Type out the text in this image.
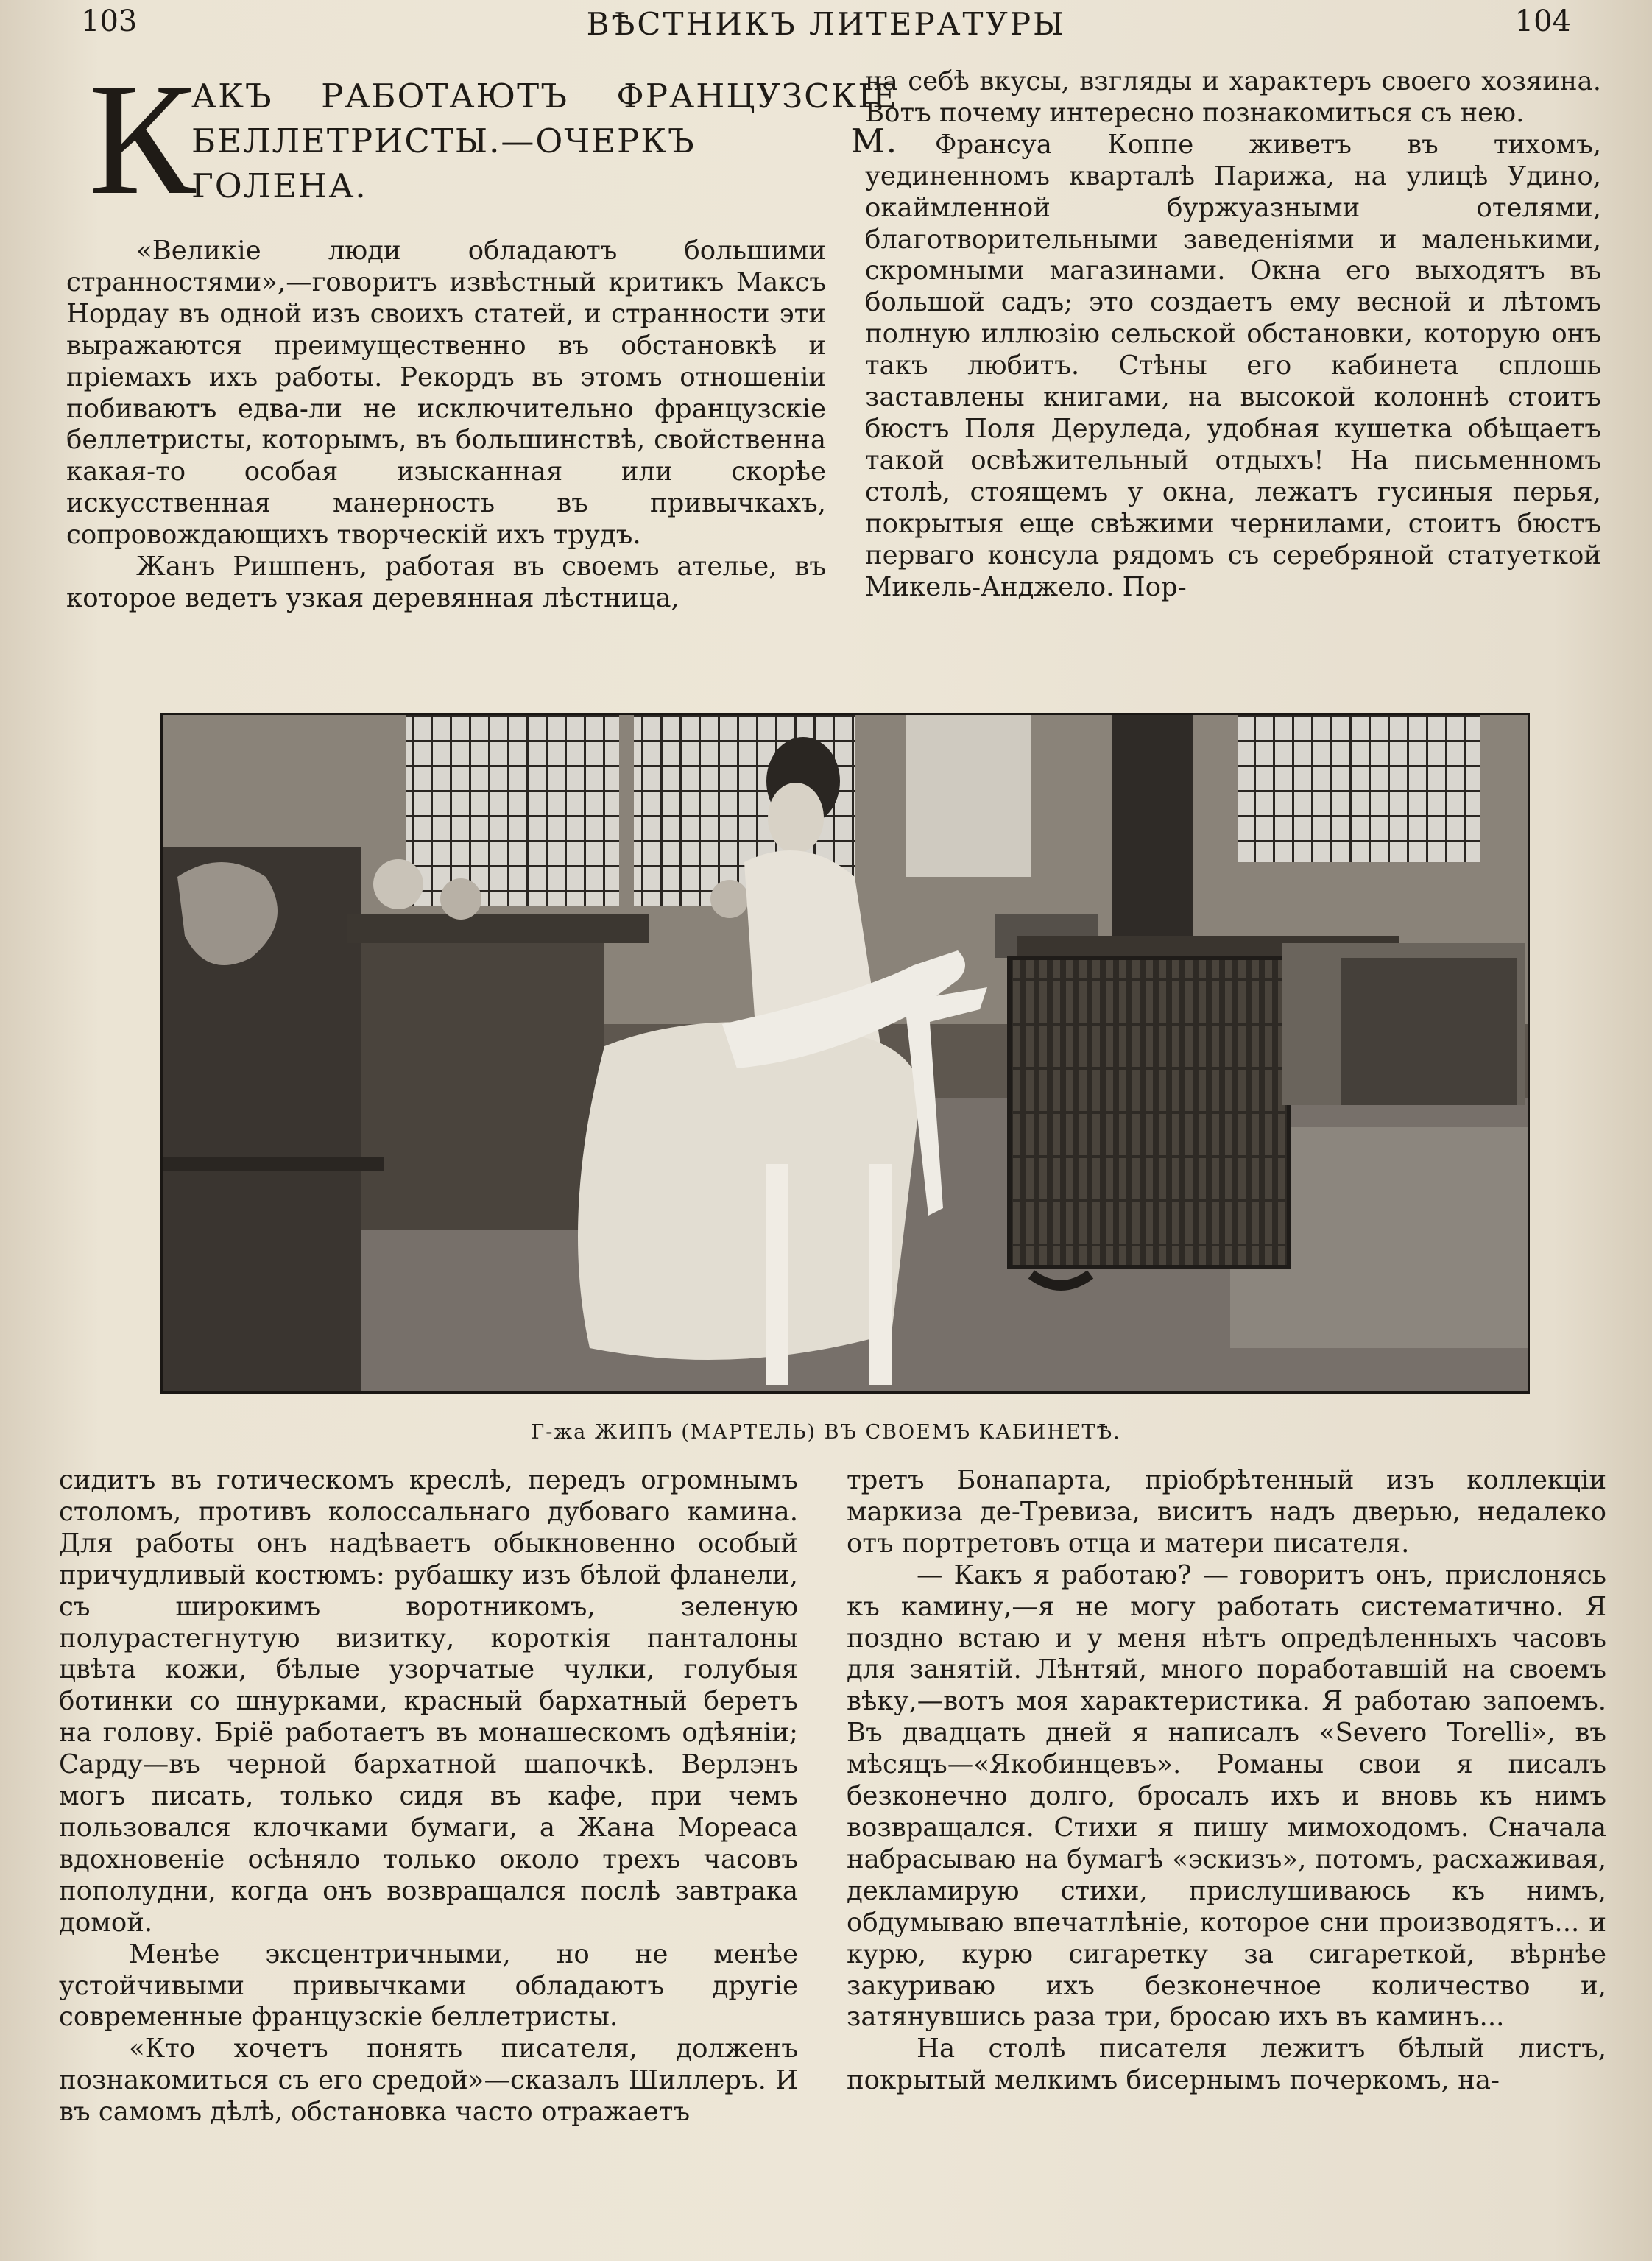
103	ВѢСТНИКЪ ЛИТЕРАТУРЫ	104
К
АКЪ РАБОТАЮТЪ ФРАНЦУЗСКІЕ БЕЛЛЕТРИСТЫ.—ОЧЕРКЪ М. ГОЛЕНА.

«Великіе люди обладаютъ большими странностями»,—говоритъ извѣстный критикъ Максъ Нордау въ одной изъ своихъ статей, и странности эти выражаются преимущественно въ обстановкѣ и пріемахъ ихъ работы. Рекордъ въ этомъ отношеніи побиваютъ едва-ли не исключительно французскіе беллетристы, которымъ, въ большинствѣ, свойственна какая-то особая изысканная или скорѣе искусственная манерность въ привычкахъ, сопровождающихъ творческій ихъ трудъ.

Жанъ Ришпенъ, работая въ своемъ ательe, въ которое ведетъ узкая деревянная лѣстница,

на себѣ вкусы, взгляды и характеръ своего хозяина. Вотъ почему интересно познакомиться съ нею.

Франсуа Коппе живетъ въ тихомъ, уединенномъ кварталѣ Парижа, на улицѣ Удино, окаймленной буржуазными отелями, благотворительными заведеніями и маленькими, скромными магазинами. Окна его выходятъ въ большой садъ; это создаетъ ему весной и лѣтомъ полную иллюзію сельской обстановки, которую онъ такъ любитъ. Стѣны его кабинета сплошь заставлены книгами, на высокой колоннѣ стоитъ бюстъ Поля Деруледа, удобная кушетка обѣщаетъ такой освѣжительный отдыхъ! На письменномъ столѣ, стоящемъ у окна, лежатъ гусиныя перья, покрытыя еще свѣжими чернилами, стоитъ бюстъ перваго консула рядомъ съ серебряной статуеткой Микель-Анджело. Пор-

Г-жа ЖИПЪ (МАРТЕЛЬ) ВЪ СВОЕМЪ КАБИНЕТѢ.

сидитъ въ готическомъ креслѣ, передъ огромнымъ столомъ, противъ колоссальнаго дубоваго камина. Для работы онъ надѣваетъ обыкновенно особый причудливый костюмъ: рубашку изъ бѣлой фланели, съ широкимъ воротникомъ, зеленую полурастегнутую визитку, короткія панталоны цвѣта кожи, бѣлые узорчатые чулки, голубыя ботинки со шнурками, красный бархатный беретъ на голову. Бріё работаетъ въ монашескомъ одѣяніи; Сарду—въ черной бархатной шапочкѣ. Верлэнъ могъ писать, только сидя въ кафе, при чемъ пользовался клочками бумаги, а Жана Мореаса вдохновеніе осѣняло только около трехъ часовъ пополудни, когда онъ возвращался послѣ завтрака домой.

Менѣе эксцентричными, но не менѣе устойчивыми привычками обладаютъ другіе современные французскіе беллетристы.

«Кто хочетъ понять писателя, долженъ познакомиться съ его средой»—сказалъ Шиллеръ. И въ самомъ дѣлѣ, обстановка часто отражаетъ

третъ Бонапарта, пріобрѣтенный изъ коллекціи маркиза де-Тревиза, виситъ надъ дверью, недалеко отъ портретовъ отца и матери писателя.

— Какъ я работаю? — говоритъ онъ, прислонясь къ камину,—я не могу работать систематично. Я поздно встаю и у меня нѣтъ опредѣленныхъ часовъ для занятій. Лѣнтяй, много поработавшій на своемъ вѣку,—вотъ моя характеристика. Я работаю запоемъ. Въ двадцать дней я написалъ «Severo Torelli», въ мѣсяцъ—«Якобинцевъ». Романы свои я писалъ безконечно долго, бросалъ ихъ и вновь къ нимъ возвращался. Стихи я пишу мимоходомъ. Сначала набрасываю на бумагѣ «эскизъ», потомъ, расхаживая, декламирую стихи, прислушиваюсь къ нимъ, обдумываю впечатлѣніе, которое сни производятъ... и курю, курю сигаретку за сигареткой, вѣрнѣе закуриваю ихъ безконечное количество и, затянувшись раза три, бросаю ихъ въ каминъ...

На столѣ писателя лежитъ бѣлый листъ, покрытый мелкимъ бисернымъ почеркомъ, на-
